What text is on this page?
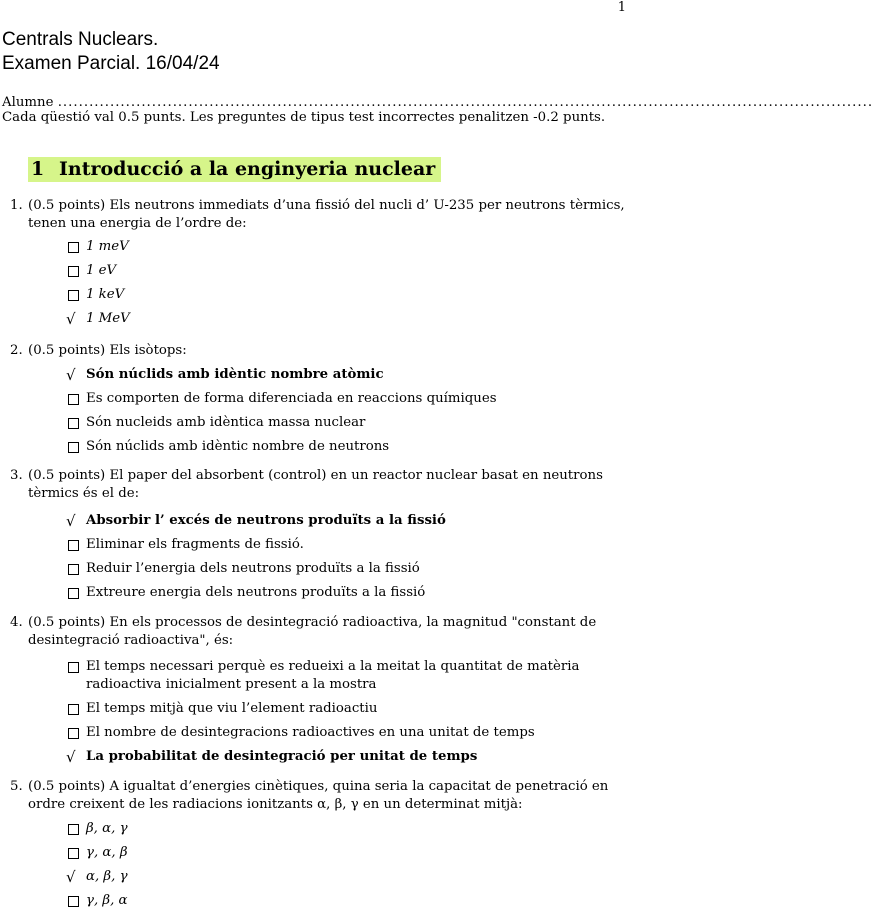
1
Centrals Nuclears.
Examen Parcial. 16/04/24
Alumne
............................................................................................................................................................
Cada qüestió val 0.5 punts. Les preguntes de tipus test incorrectes penalitzen -0.2 punts.
1 Introducció a la enginyeria nuclear
1. (0.5 points) Els neutrons immediats d’una fissió del nucli d’ U-235 per neutrons tèrmics, tenen una energia de l’ordre de:
1 meV
1 eV
1 keV
√ 1 MeV
2. (0.5 points) Els isòtops:
√ Són núclids amb idèntic nombre atòmic
Es comporten de forma diferenciada en reaccions químiques
Són nucleids amb idèntica massa nuclear
Són núclids amb idèntic nombre de neutrons
3. (0.5 points) El paper del absorbent (control) en un reactor nuclear basat en neutrons tèrmics és el de:
√ Absorbir l’ excés de neutrons produïts a la fissió
Eliminar els fragments de fissió.
Reduir l’energia dels neutrons produïts a la fissió
Extreure energia dels neutrons produïts a la fissió
4. (0.5 points) En els processos de desintegració radioactiva, la magnitud "constant de desintegració radioactiva", és:
El temps necessari perquè es redueixi a la meitat la quantitat de matèria radioactiva inicialment present a la mostra
El temps mitjà que viu l’element radioactiu
El nombre de desintegracions radioactives en una unitat de temps
√ La probabilitat de desintegració per unitat de temps
5. (0.5 points) A igualtat d’energies cinètiques, quina seria la capacitat de penetració en ordre creixent de les radiacions ionitzants α, β, γ en un determinat mitjà:
β, α, γ
γ, α, β
√ α, β, γ
γ, β, α
